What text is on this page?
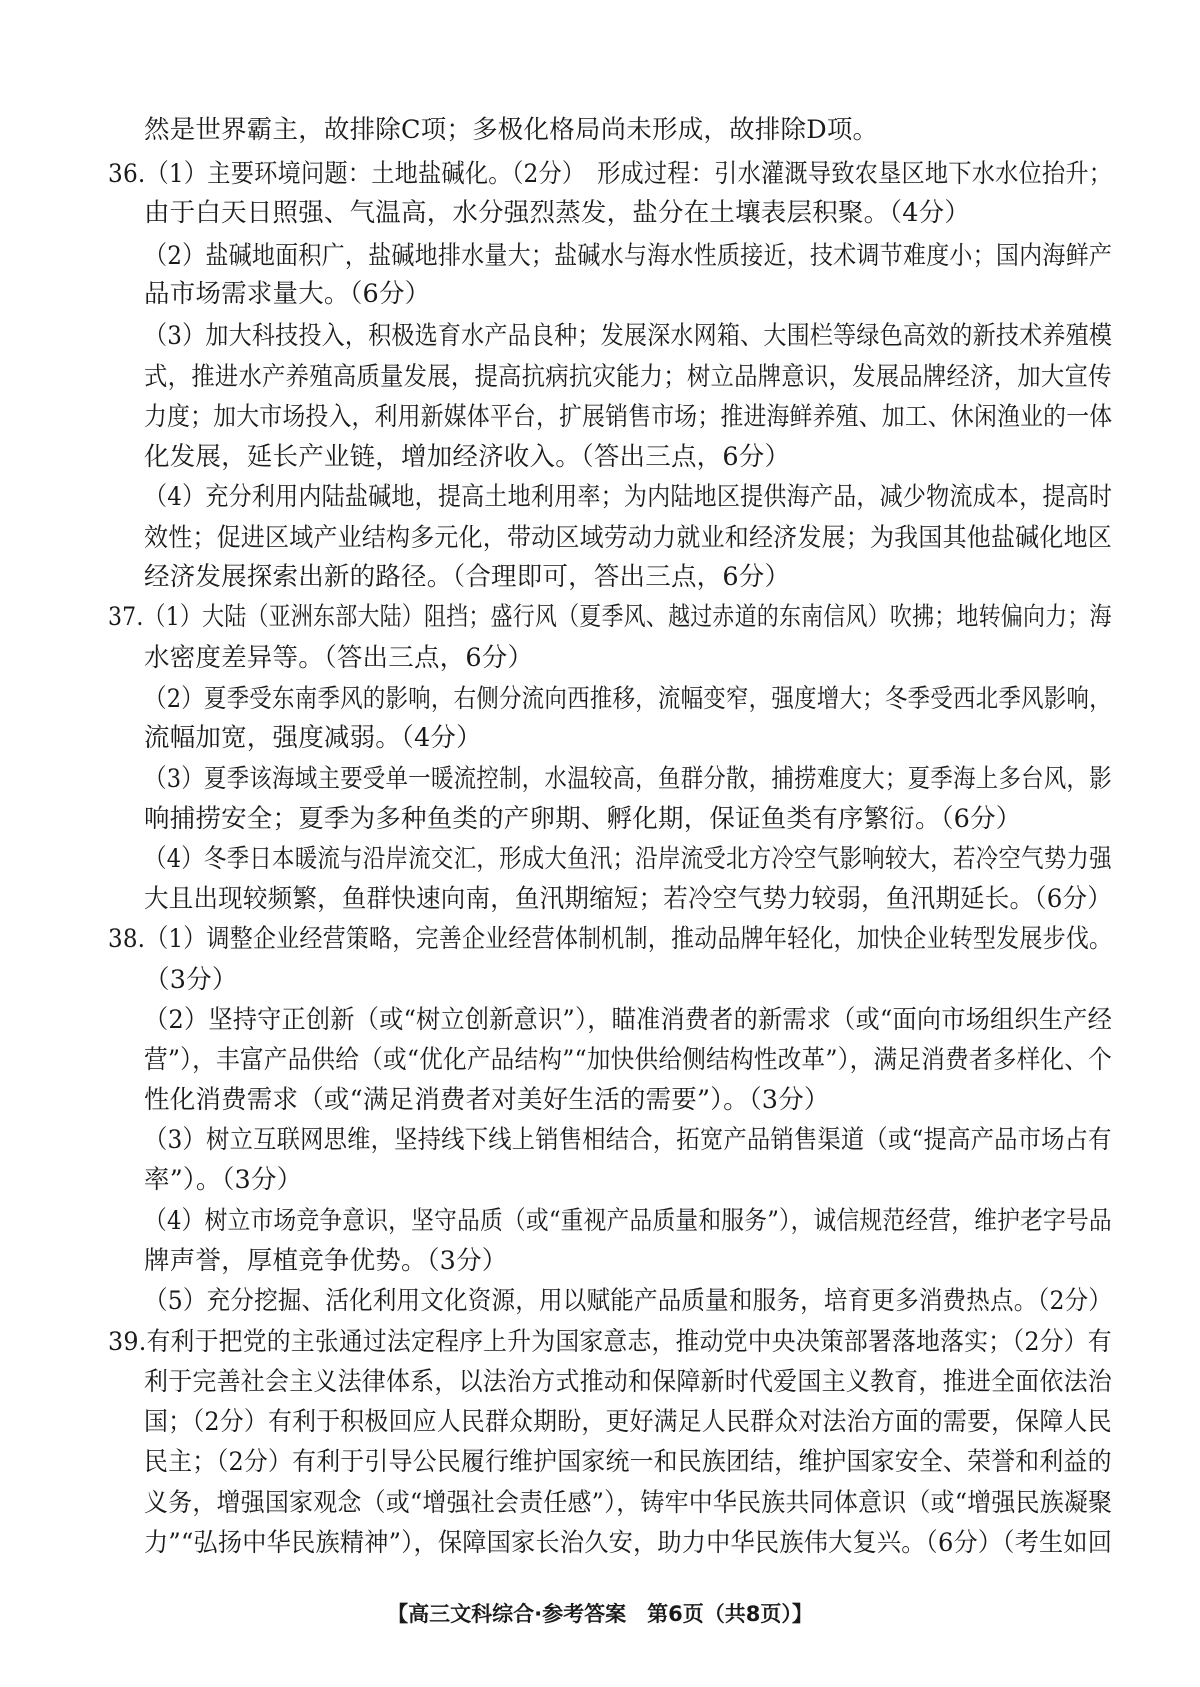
然是世界霸主，故排除C项；多极化格局尚未形成，故排除D项。
36.（1）主要环境问题：土地盐碱化。（2分）　形成过程：引水灌溉导致农垦区地下水水位抬升；
由于白天日照强、气温高，水分强烈蒸发，盐分在土壤表层积聚。（4分）
（2）盐碱地面积广，盐碱地排水量大；盐碱水与海水性质接近，技术调节难度小；国内海鲜产
品市场需求量大。（6分）
（3）加大科技投入，积极选育水产品良种；发展深水网箱、大围栏等绿色高效的新技术养殖模
式，推进水产养殖高质量发展，提高抗病抗灾能力；树立品牌意识，发展品牌经济，加大宣传
力度；加大市场投入，利用新媒体平台，扩展销售市场；推进海鲜养殖、加工、休闲渔业的一体
化发展，延长产业链，增加经济收入。（答出三点，6分）
（4）充分利用内陆盐碱地，提高土地利用率；为内陆地区提供海产品，减少物流成本，提高时
效性；促进区域产业结构多元化，带动区域劳动力就业和经济发展；为我国其他盐碱化地区
经济发展探索出新的路径。（合理即可，答出三点，6分）
37.（1）大陆（亚洲东部大陆）阻挡；盛行风（夏季风、越过赤道的东南信风）吹拂；地转偏向力；海
水密度差异等。（答出三点，6分）
（2）夏季受东南季风的影响，右侧分流向西推移，流幅变窄，强度增大；冬季受西北季风影响，
流幅加宽，强度减弱。（4分）
（3）夏季该海域主要受单一暖流控制，水温较高，鱼群分散，捕捞难度大；夏季海上多台风，影
响捕捞安全；夏季为多种鱼类的产卵期、孵化期，保证鱼类有序繁衍。（6分）
（4）冬季日本暖流与沿岸流交汇，形成大鱼汛；沿岸流受北方冷空气影响较大，若冷空气势力强
大且出现较频繁，鱼群快速向南，鱼汛期缩短；若冷空气势力较弱，鱼汛期延长。（6分）
38.（1）调整企业经营策略，完善企业经营体制机制，推动品牌年轻化，加快企业转型发展步伐。
（3分）
（2）坚持守正创新（或“树立创新意识”），瞄准消费者的新需求（或“面向市场组织生产经
营”），丰富产品供给（或“优化产品结构”“加快供给侧结构性改革”），满足消费者多样化、个
性化消费需求（或“满足消费者对美好生活的需要”）。（3分）
（3）树立互联网思维，坚持线下线上销售相结合，拓宽产品销售渠道（或“提高产品市场占有
率”）。（3分）
（4）树立市场竞争意识，坚守品质（或“重视产品质量和服务”），诚信规范经营，维护老字号品
牌声誉，厚植竞争优势。（3分）
（5）充分挖掘、活化利用文化资源，用以赋能产品质量和服务，培育更多消费热点。（2分）
39.有利于把党的主张通过法定程序上升为国家意志，推动党中央决策部署落地落实；（2分）有
利于完善社会主义法律体系，以法治方式推动和保障新时代爱国主义教育，推进全面依法治
国；（2分）有利于积极回应人民群众期盼，更好满足人民群众对法治方面的需要，保障人民
民主；（2分）有利于引导公民履行维护国家统一和民族团结，维护国家安全、荣誉和利益的
义务，增强国家观念（或“增强社会责任感”），铸牢中华民族共同体意识（或“增强民族凝聚
力”“弘扬中华民族精神”），保障国家长治久安，助力中华民族伟大复兴。（6分）（考生如回
【高三文科综合·参考答案　第6页（共8页）】
